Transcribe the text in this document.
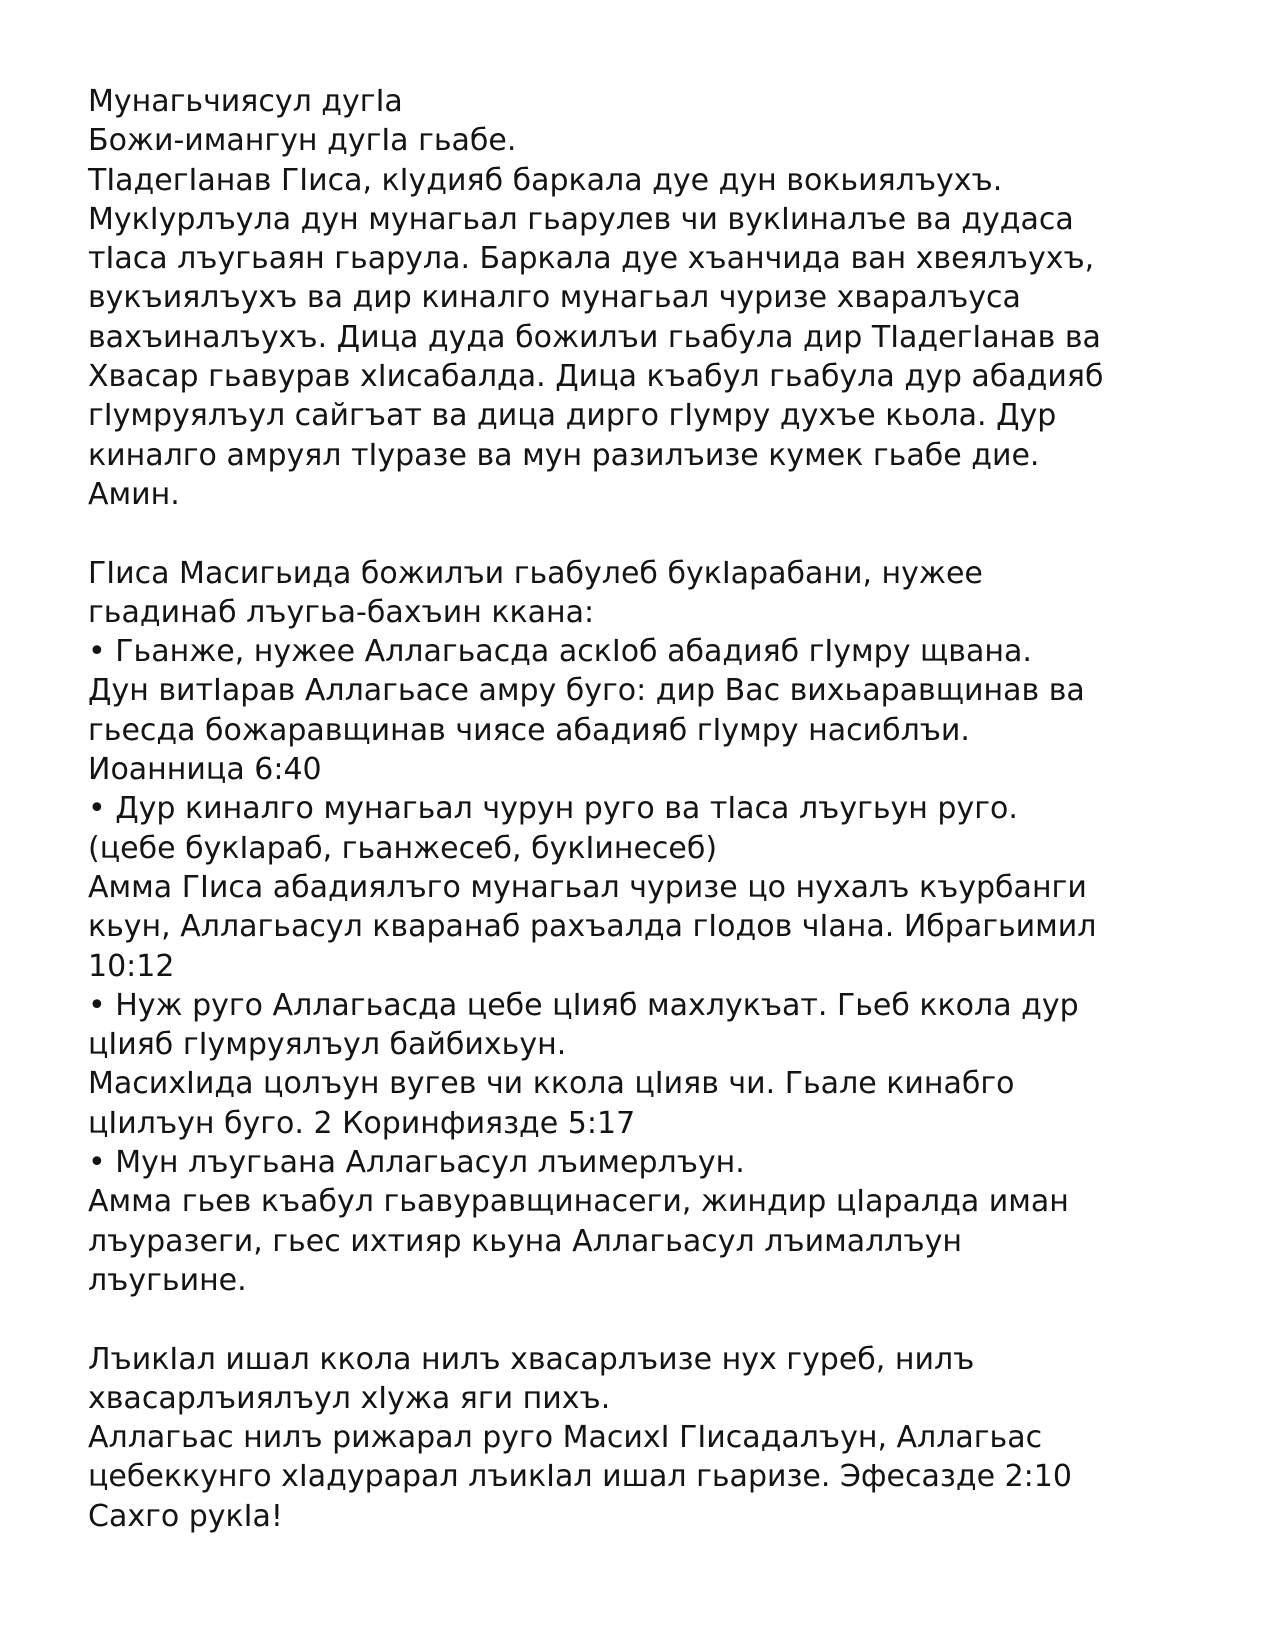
Мунагьчиясул дугIа
Божи-имангун дугIа гьабе.
ТIадегIанав ГIиса, кIудияб баркала дуе дун вокьиялъухъ.
МукIурлъула дун мунагьал гьарулев чи вукIиналъе ва дудаса
тIаса лъугьаян гьарула. Баркала дуе хъанчида ван хвеялъухъ,
вукъиялъухъ ва дир киналго мунагьал чуризе хваралъуса
вахъиналъухъ. Дица дуда божилъи гьабула дир ТIадегIанав ва
Хвасар гьавурав хIисабалда. Дица къабул гьабула дур абадияб
гIумруялъул сайгъат ва дица дирго гIумру духъе кьола. Дур
киналго амруял тIуразе ва мун разилъизе кумек гьабе дие.
Амин.
ГIиса Масигьида божилъи гьабулеб букIарабани, нужее
гьадинаб лъугьа-бахъин ккана:
• Гьанже, нужее Аллагьасда аскIоб абадияб гIумру щвана.
Дун витIарав Аллагьасе амру буго: дир Вас вихьаравщинав ва
гьесда божаравщинав чиясе абадияб гIумру насиблъи.
Иоанница 6:40
• Дур киналго мунагьал чурун руго ва тIаса лъугьун руго.
(цебе букIараб, гьанжесеб, букIинесеб)
Амма ГIиса абадиялъго мунагьал чуризе цо нухалъ къурбанги
кьун, Аллагьасул кваранаб рахъалда гIодов чIана. Ибрагьимил
10:12
• Нуж руго Аллагьасда цебе цIияб махлукъат. Гьеб ккола дур
цIияб гIумруялъул байбихьун.
МасихIида цолъун вугев чи ккола цIияв чи. Гьале кинабго
цIилъун буго. 2 Коринфиязде 5:17
• Мун лъугьана Аллагьасул лъимерлъун.
Амма гьев къабул гьавуравщинасеги, жиндир цIаралда иман
лъуразеги, гьес ихтияр кьуна Аллагьасул лъималлъун
лъугьине.
ЛъикIал ишал ккола нилъ хвасарлъизе нух гуреб, нилъ
хвасарлъиялъул хIужа яги пихъ.
Аллагьас нилъ рижарал руго МасихI ГIисадалъун, Аллагьас
цебеккунго хIадурарал лъикIал ишал гьаризе. Эфесазде 2:10
Сахго рукIа!
